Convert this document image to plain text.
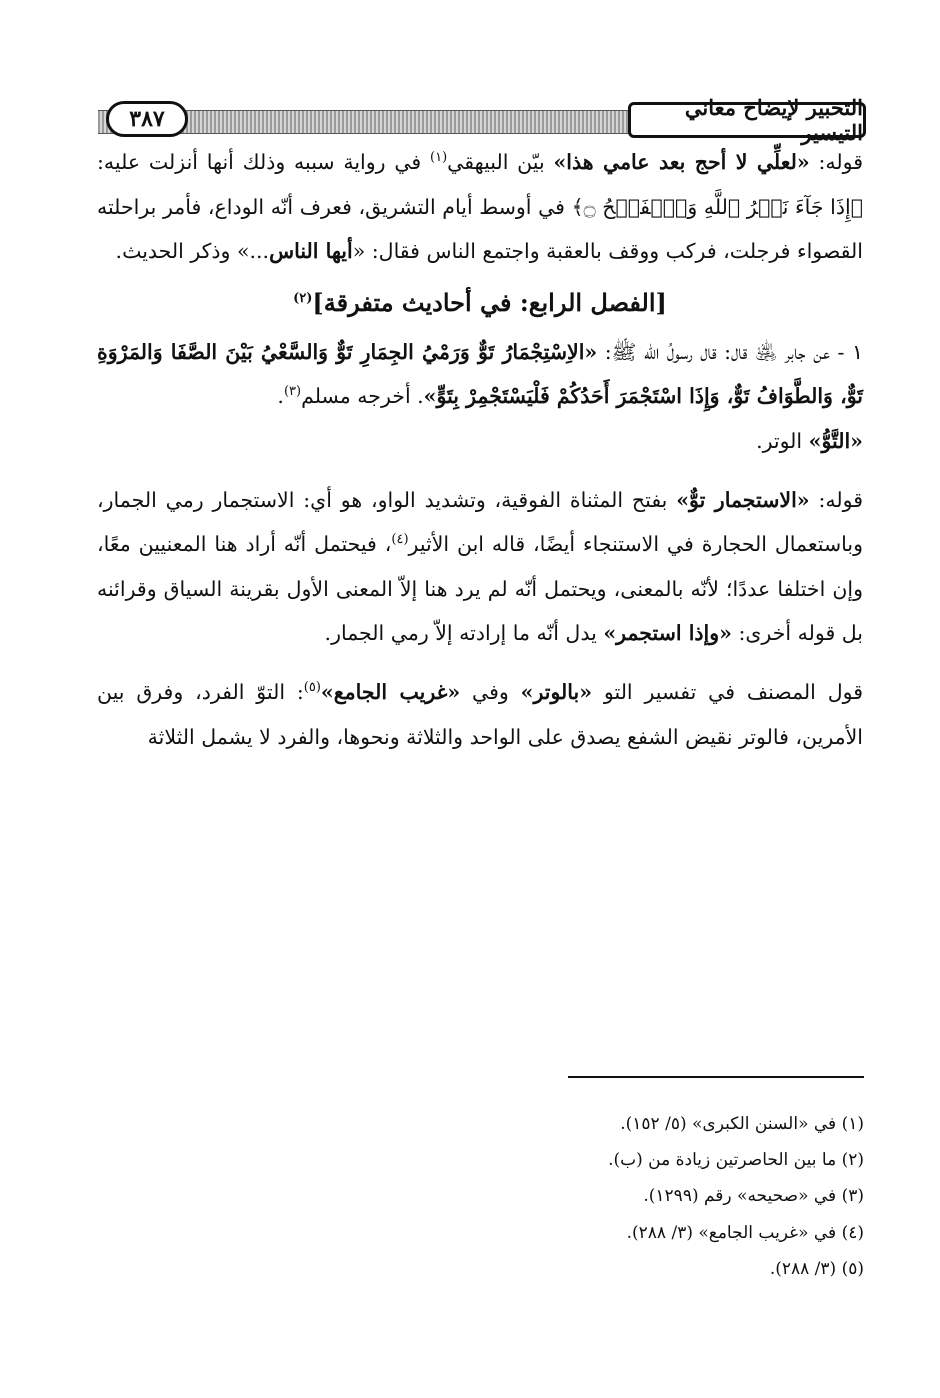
التحبير لإيضاح معاني التيسير
٣٨٧

قوله: «لعلِّي لا أحج بعد عامي هذا» بيّن البيهقي$^{(١)}$ في رواية سببه وذلك أنها أنزلت عليه: ﴿إِذَا جَآءَ نَصۡرُ ٱللَّهِ وَٱلۡفَتۡحُ ۝﴾ في أوسط أيام التشريق، فعرف أنّه الوداع، فأمر براحلته القصواء فرجلت، فركب ووقف بالعقبة واجتمع الناس فقال: «أيها الناس...» وذكر الحديث.

[الفصل الرابع: في أحاديث متفرقة]$^{(٢)}$

١ - عن جابر ﵁ قال: قال رسولُ الله ﷺ: «الاِسْتِجْمَارُ تَوٌّ وَرَمْيُ الجِمَارِ تَوٌّ وَالسَّعْيُ بَيْنَ الصَّفَا وَالمَرْوَةِ تَوٌّ، وَالطَّوَافُ تَوٌّ، وَإِذَا اسْتَجْمَرَ أَحَدُكُمْ فَلْيَسْتَجْمِرْ بِتَوٍّ». أخرجه مسلم$^{(٣)}$.

«التَّوُّ» الوتر.

قوله: «الاستجمار توٌّ» بفتح المثناة الفوقية، وتشديد الواو، هو أي: الاستجمار رمي الجمار، وباستعمال الحجارة في الاستنجاء أيضًا، قاله ابن الأثير$^{(٤)}$، فيحتمل أنّه أراد هنا المعنيين معًا، وإن اختلفا عددًا؛ لأنّه بالمعنى، ويحتمل أنّه لم يرد هنا إلاّ المعنى الأول بقرينة السياق وقرائنه بل قوله أخرى: «وإذا استجمر» يدل أنّه ما إرادته إلاّ رمي الجمار.

قول المصنف في تفسير التو «بالوتر» وفي «غريب الجامع»$^{(٥)}$: التوّ الفرد، وفرق بين الأمرين، فالوتر نقيض الشفع يصدق على الواحد والثلاثة ونحوها، والفرد لا يشمل الثلاثة

(١) في «السنن الكبرى» (٥/ ١٥٢).
(٢) ما بين الحاصرتين زيادة من (ب).
(٣) في «صحيحه» رقم (١٢٩٩).
(٤) في «غريب الجامع» (٣/ ٢٨٨).
(٥) (٣/ ٢٨٨).
